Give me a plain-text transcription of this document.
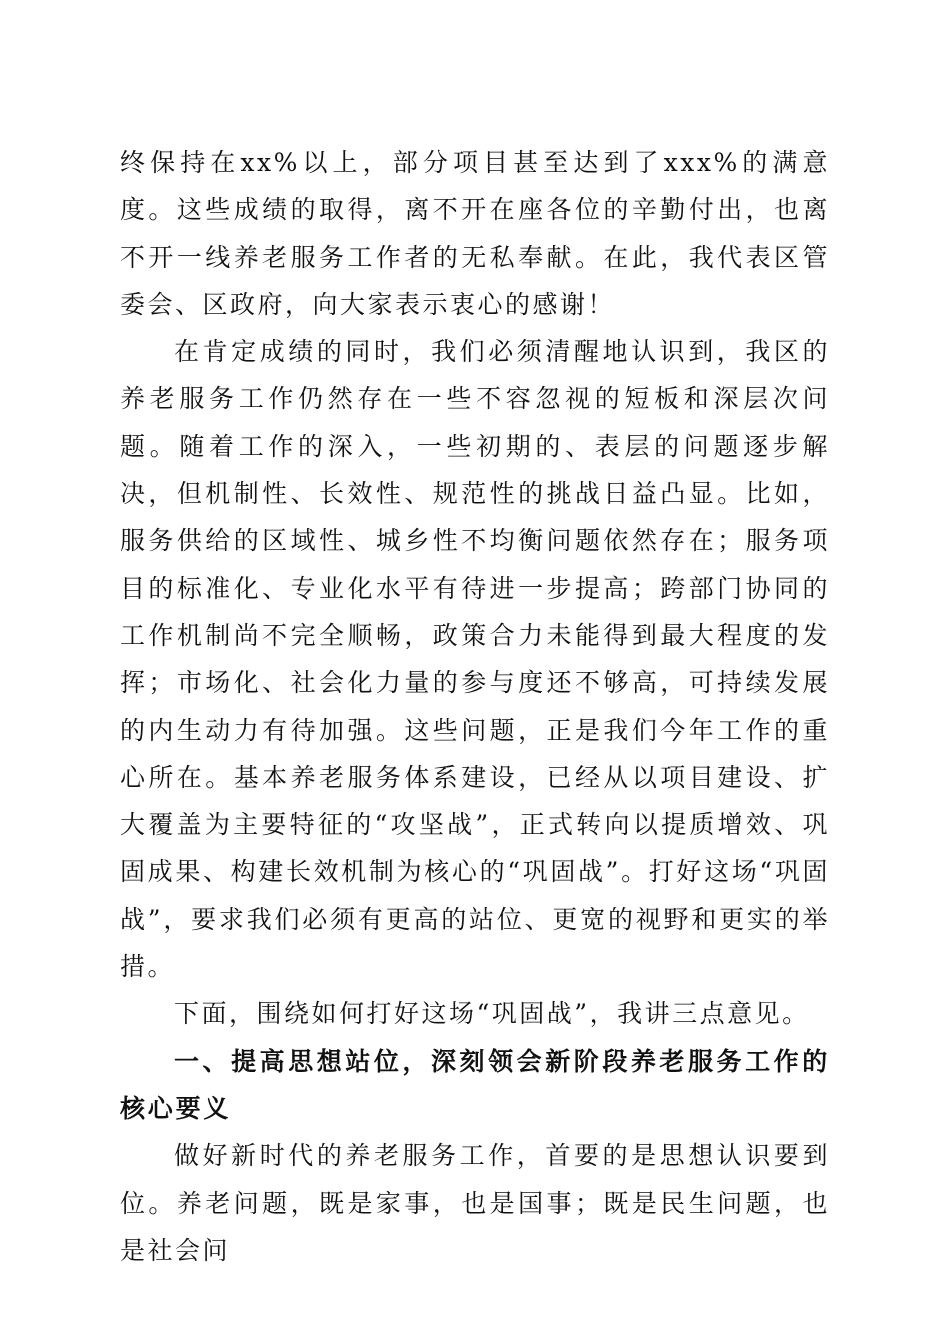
终保持在xx%以上，部分项目甚至达到了xxx%的满意度。这些成绩的取得，离不开在座各位的辛勤付出，也离不开一线养老服务工作者的无私奉献。在此，我代表区管委会、区政府，向大家表示衷心的感谢！

在肯定成绩的同时，我们必须清醒地认识到，我区的养老服务工作仍然存在一些不容忽视的短板和深层次问题。随着工作的深入，一些初期的、表层的问题逐步解决，但机制性、长效性、规范性的挑战日益凸显。比如，服务供给的区域性、城乡性不均衡问题依然存在；服务项目的标准化、专业化水平有待进一步提高；跨部门协同的工作机制尚不完全顺畅，政策合力未能得到最大程度的发挥；市场化、社会化力量的参与度还不够高，可持续发展的内生动力有待加强。这些问题，正是我们今年工作的重心所在。基本养老服务体系建设，已经从以项目建设、扩大覆盖为主要特征的“攻坚战”，正式转向以提质增效、巩固成果、构建长效机制为核心的“巩固战”。打好这场“巩固战”，要求我们必须有更高的站位、更宽的视野和更实的举措。

下面，围绕如何打好这场“巩固战”，我讲三点意见。

一、提高思想站位，深刻领会新阶段养老服务工作的核心要义

做好新时代的养老服务工作，首要的是思想认识要到位。养老问题，既是家事，也是国事；既是民生问题，也是社会问
